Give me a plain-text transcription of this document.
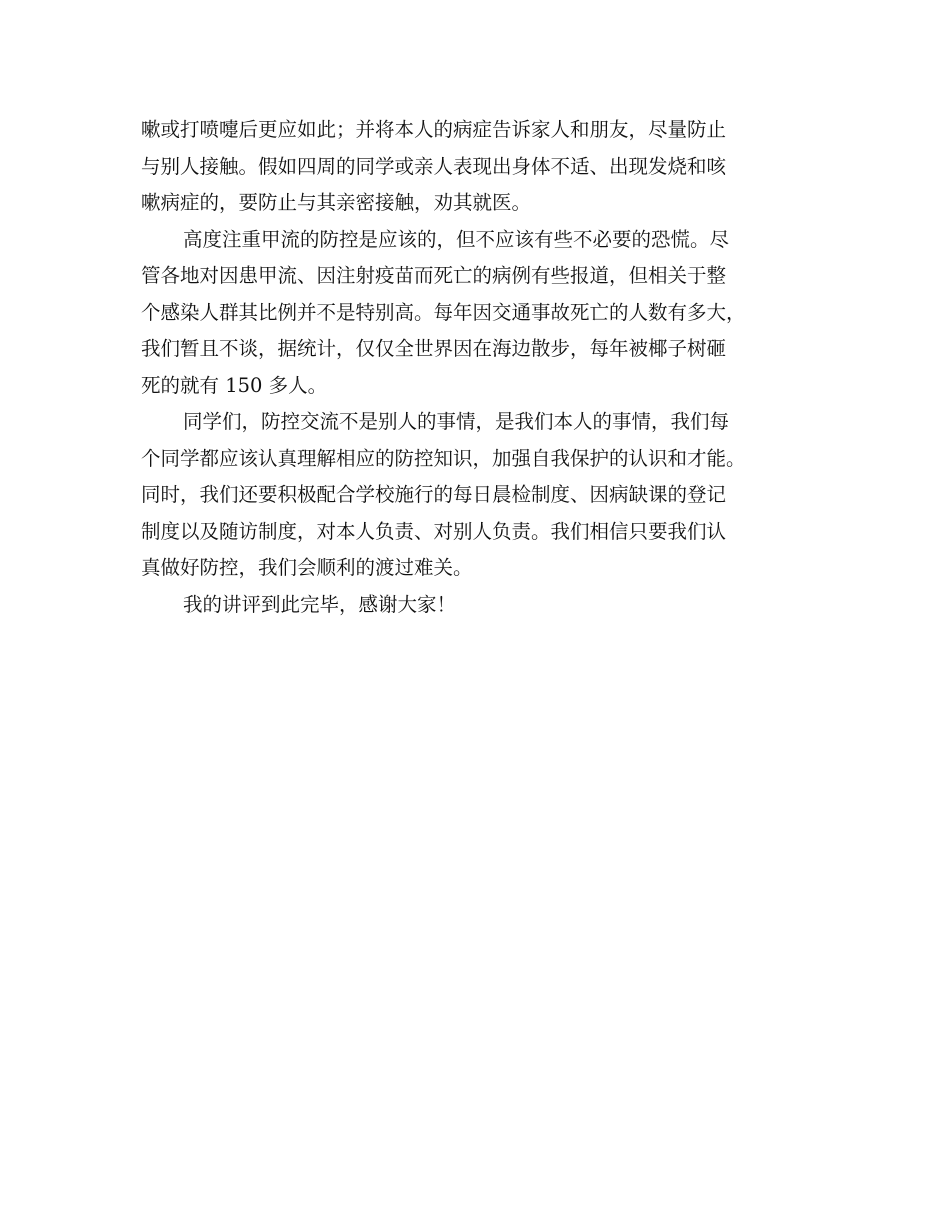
嗽或打喷嚏后更应如此；并将本人的病症告诉家人和朋友，尽量防止
与别人接触。假如四周的同学或亲人表现出身体不适、出现发烧和咳
嗽病症的，要防止与其亲密接触，劝其就医。
高度注重甲流的防控是应该的，但不应该有些不必要的恐慌。尽
管各地对因患甲流、因注射疫苗而死亡的病例有些报道，但相关于整
个感染人群其比例并不是特别高。每年因交通事故死亡的人数有多大，
我们暂且不谈，据统计，仅仅全世界因在海边散步，每年被椰子树砸
死的就有 150 多人。
同学们，防控交流不是别人的事情，是我们本人的事情，我们每
个同学都应该认真理解相应的防控知识，加强自我保护的认识和才能。
同时，我们还要积极配合学校施行的每日晨检制度、因病缺课的登记
制度以及随访制度，对本人负责、对别人负责。我们相信只要我们认
真做好防控，我们会顺利的渡过难关。
我的讲评到此完毕，感谢大家！
